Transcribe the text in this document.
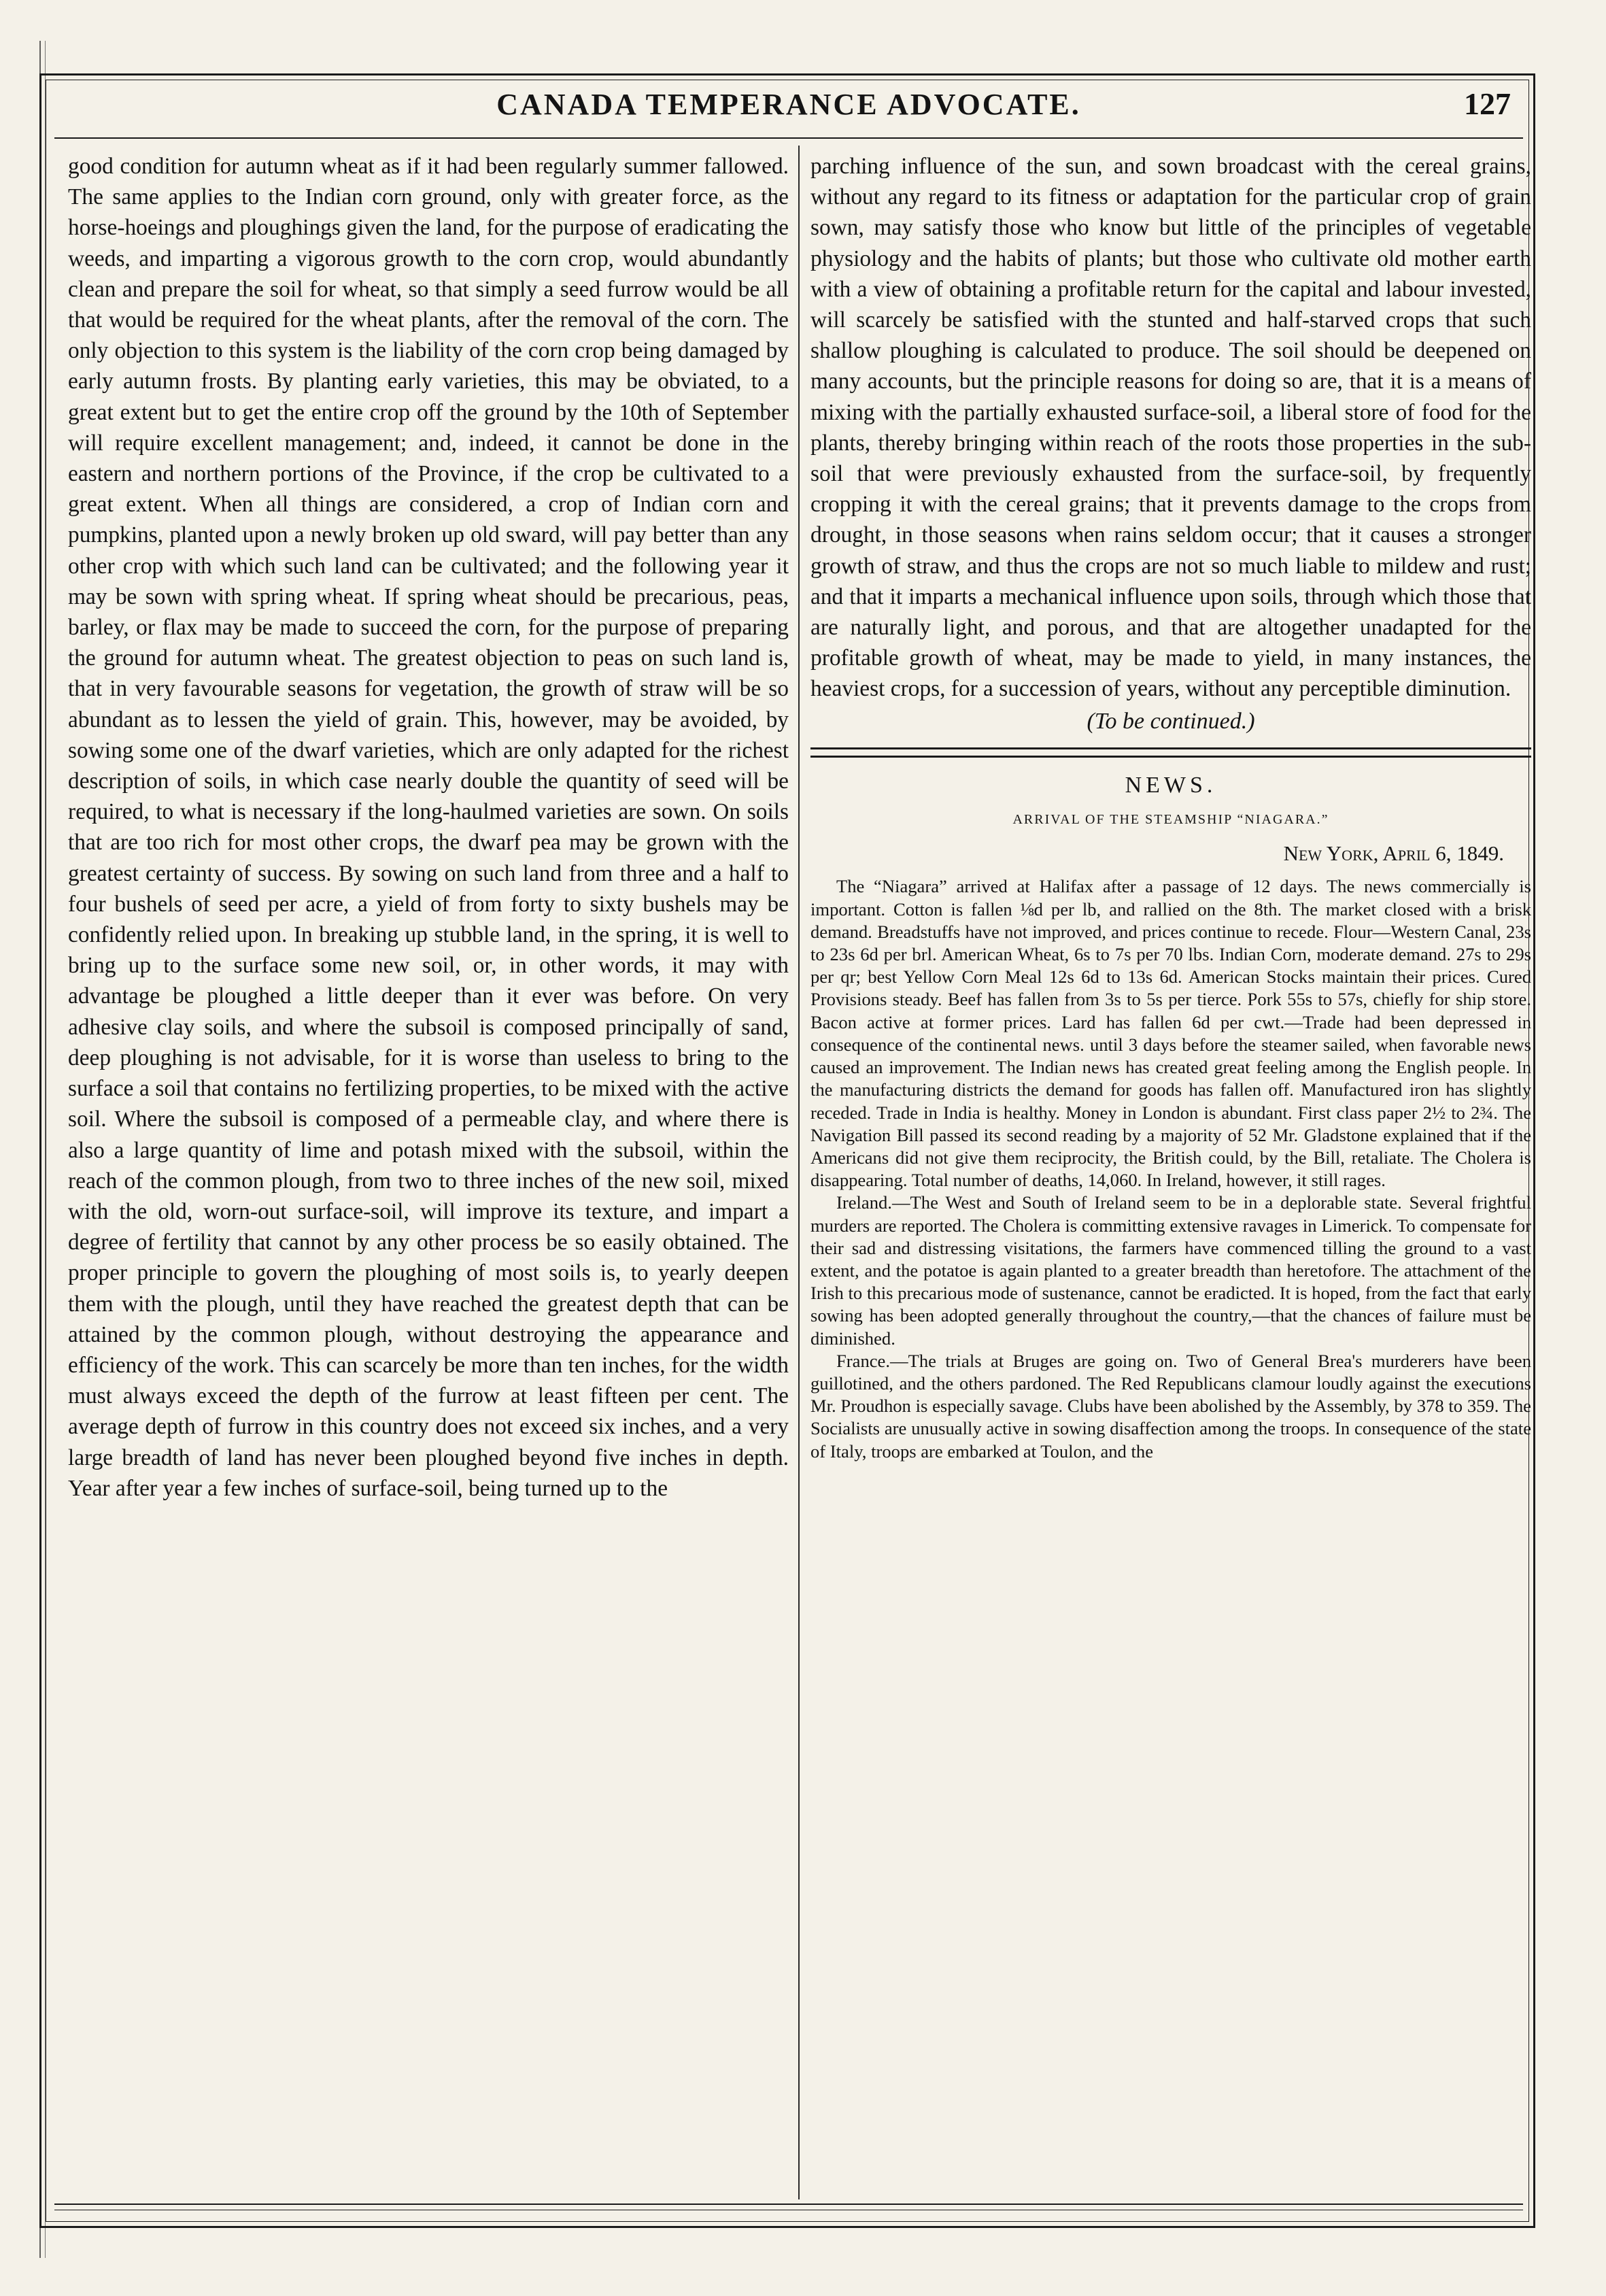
CANADA TEMPERANCE ADVOCATE.	127

good condition for autumn wheat as if it had been regularly summer fallowed. The same applies to the Indian corn ground, only with greater force, as the horse-hoeings and ploughings given the land, for the purpose of eradicating the weeds, and imparting a vigorous growth to the corn crop, would abundantly clean and prepare the soil for wheat, so that simply a seed furrow would be all that would be required for the wheat plants, after the removal of the corn. The only objection to this system is the liability of the corn crop being damaged by early autumn frosts. By planting early varieties, this may be obviated, to a great extent but to get the entire crop off the ground by the 10th of September will require excellent management; and, indeed, it cannot be done in the eastern and northern portions of the Province, if the crop be cultivated to a great extent. When all things are considered, a crop of Indian corn and pumpkins, planted upon a newly broken up old sward, will pay better than any other crop with which such land can be cultivated; and the following year it may be sown with spring wheat. If spring wheat should be precarious, peas, barley, or flax may be made to succeed the corn, for the purpose of preparing the ground for autumn wheat. The greatest objection to peas on such land is, that in very favourable seasons for vegetation, the growth of straw will be so abundant as to lessen the yield of grain. This, however, may be avoided, by sowing some one of the dwarf varieties, which are only adapted for the richest description of soils, in which case nearly double the quantity of seed will be required, to what is necessary if the long-haulmed varieties are sown. On soils that are too rich for most other crops, the dwarf pea may be grown with the greatest certainty of success. By sowing on such land from three and a half to four bushels of seed per acre, a yield of from forty to sixty bushels may be confidently relied upon. In breaking up stubble land, in the spring, it is well to bring up to the surface some new soil, or, in other words, it may with advantage be ploughed a little deeper than it ever was before. On very adhesive clay soils, and where the subsoil is composed principally of sand, deep ploughing is not advisable, for it is worse than useless to bring to the surface a soil that contains no fertilizing properties, to be mixed with the active soil. Where the subsoil is composed of a permeable clay, and where there is also a large quantity of lime and potash mixed with the subsoil, within the reach of the common plough, from two to three inches of the new soil, mixed with the old, worn-out surface-soil, will improve its texture, and impart a degree of fertility that cannot by any other process be so easily obtained. The proper principle to govern the ploughing of most soils is, to yearly deepen them with the plough, until they have reached the greatest depth that can be attained by the common plough, without destroying the appearance and efficiency of the work. This can scarcely be more than ten inches, for the width must always exceed the depth of the furrow at least fifteen per cent. The average depth of furrow in this country does not exceed six inches, and a very large breadth of land has never been ploughed beyond five inches in depth. Year after year a few inches of surface-soil, being turned up to the

parching influence of the sun, and sown broadcast with the cereal grains, without any regard to its fitness or adaptation for the particular crop of grain sown, may satisfy those who know but little of the principles of vegetable physiology and the habits of plants; but those who cultivate old mother earth with a view of obtaining a profitable return for the capital and labour invested, will scarcely be satisfied with the stunted and half-starved crops that such shallow ploughing is calculated to produce. The soil should be deepened on many accounts, but the principle reasons for doing so are, that it is a means of mixing with the partially exhausted surface-soil, a liberal store of food for the plants, thereby bringing within reach of the roots those properties in the sub-soil that were previously exhausted from the surface-soil, by frequently cropping it with the cereal grains; that it prevents damage to the crops from drought, in those seasons when rains seldom occur; that it causes a stronger growth of straw, and thus the crops are not so much liable to mildew and rust; and that it imparts a mechanical influence upon soils, through which those that are naturally light, and porous, and that are altogether unadapted for the profitable growth of wheat, may be made to yield, in many instances, the heaviest crops, for a succession of years, without any perceptible diminution.

(To be continued.)

NEWS.
ARRIVAL OF THE STEAMSHIP “NIAGARA.”
New York, April 6, 1849.

The “Niagara” arrived at Halifax after a passage of 12 days. The news commercially is important. Cotton is fallen ⅛d per lb, and rallied on the 8th. The market closed with a brisk demand. Breadstuffs have not improved, and prices continue to recede. Flour—Western Canal, 23s to 23s 6d per brl. American Wheat, 6s to 7s per 70 lbs. Indian Corn, moderate demand. 27s to 29s per qr; best Yellow Corn Meal 12s 6d to 13s 6d. American Stocks maintain their prices. Cured Provisions steady. Beef has fallen from 3s to 5s per tierce. Pork 55s to 57s, chiefly for ship store. Bacon active at former prices. Lard has fallen 6d per cwt.—Trade had been depressed in consequence of the continental news. until 3 days before the steamer sailed, when favorable news caused an improvement. The Indian news has created great feeling among the English people. In the manufacturing districts the demand for goods has fallen off. Manufactured iron has slightly receded. Trade in India is healthy. Money in London is abundant. First class paper 2½ to 2¾. The Navigation Bill passed its second reading by a majority of 52 Mr. Gladstone explained that if the Americans did not give them reciprocity, the British could, by the Bill, retaliate. The Cholera is disappearing. Total number of deaths, 14,060. In Ireland, however, it still rages.

Ireland.—The West and South of Ireland seem to be in a deplorable state. Several frightful murders are reported. The Cholera is committing extensive ravages in Limerick. To compensate for their sad and distressing visitations, the farmers have commenced tilling the ground to a vast extent, and the potatoe is again planted to a greater breadth than heretofore. The attachment of the Irish to this precarious mode of sustenance, cannot be eradicted. It is hoped, from the fact that early sowing has been adopted generally throughout the country,—that the chances of failure must be diminished.

France.—The trials at Bruges are going on. Two of General Brea's murderers have been guillotined, and the others pardoned. The Red Republicans clamour loudly against the executions Mr. Proudhon is especially savage. Clubs have been abolished by the Assembly, by 378 to 359. The Socialists are unusually active in sowing disaffection among the troops. In consequence of the state of Italy, troops are embarked at Toulon, and the
